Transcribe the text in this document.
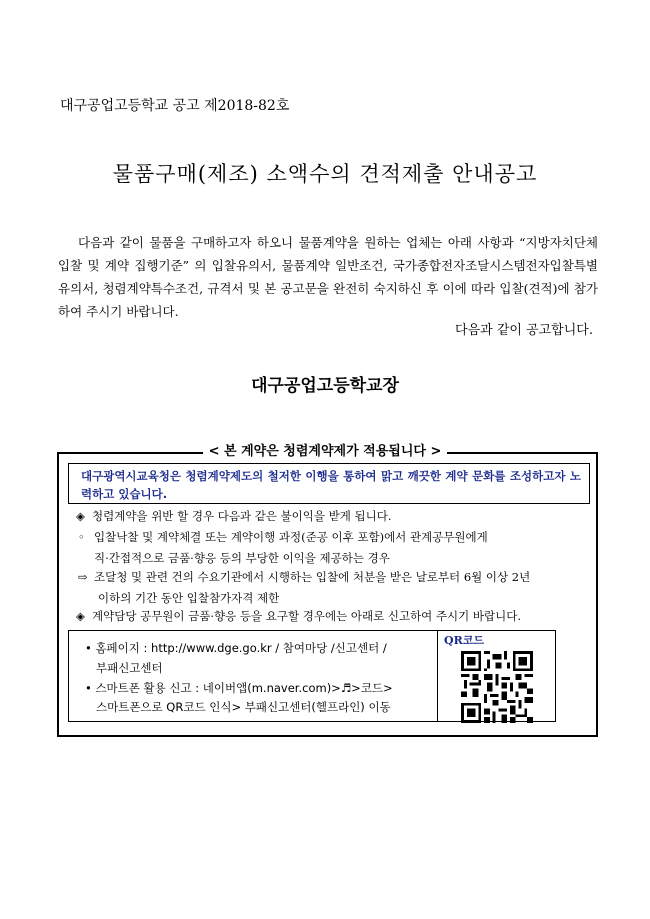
대구공업고등학교 공고 제2018-82호
물품구매(제조) 소액수의 견적제출 안내공고

다음과 같이 물품을 구매하고자 하오니 물품계약을 원하는 업체는 아래 사항과 “지방자치단체 입찰 및 계약 집행기준” 의 입찰유의서, 물품계약 일반조건, 국가종합전자조달시스템전자입찰특별유의서, 청렴계약특수조건, 규격서 및 본 공고문을 완전히 숙지하신 후 이에 따라 입찰(견적)에 참가하여 주시기 바랍니다.

다음과 같이 공고합니다.
대구공업고등학교장
< 본 계약은 청렴계약제가 적용됩니다 >
대구광역시교육청은 청렴계약제도의 철저한 이행을 통하여 맑고 깨끗한 계약 문화를 조성하고자 노력하고 있습니다.
◈ 청렴계약을 위반 할 경우 다음과 같은 불이익을 받게 됩니다.
◦ 입찰낙찰 및 계약체결 또는 계약이행 과정(준공 이후 포함)에서 관계공무원에게
직·간접적으로 금품·향응 등의 부당한 이익을 제공하는 경우
⇨ 조달청 및 관련 건의 수요기관에서 시행하는 입찰에 처분을 받은 날로부터 6월 이상 2년
이하의 기간 동안 입찰참가자격 제한
◈ 계약담당 공무원이 금품·향응 등을 요구할 경우에는 아래로 신고하여 주시기 바랍니다.
• 홈페이지 : http://www.dge.go.kr / 참여마당 /신고센터 /
부패신고센터
• 스마트폰 활용 신고 : 네이버앱(m.naver.com)>♬>코드>
스마트폰으로 QR코드 인식> 부패신고센터(헬프라인) 이동
QR코드
